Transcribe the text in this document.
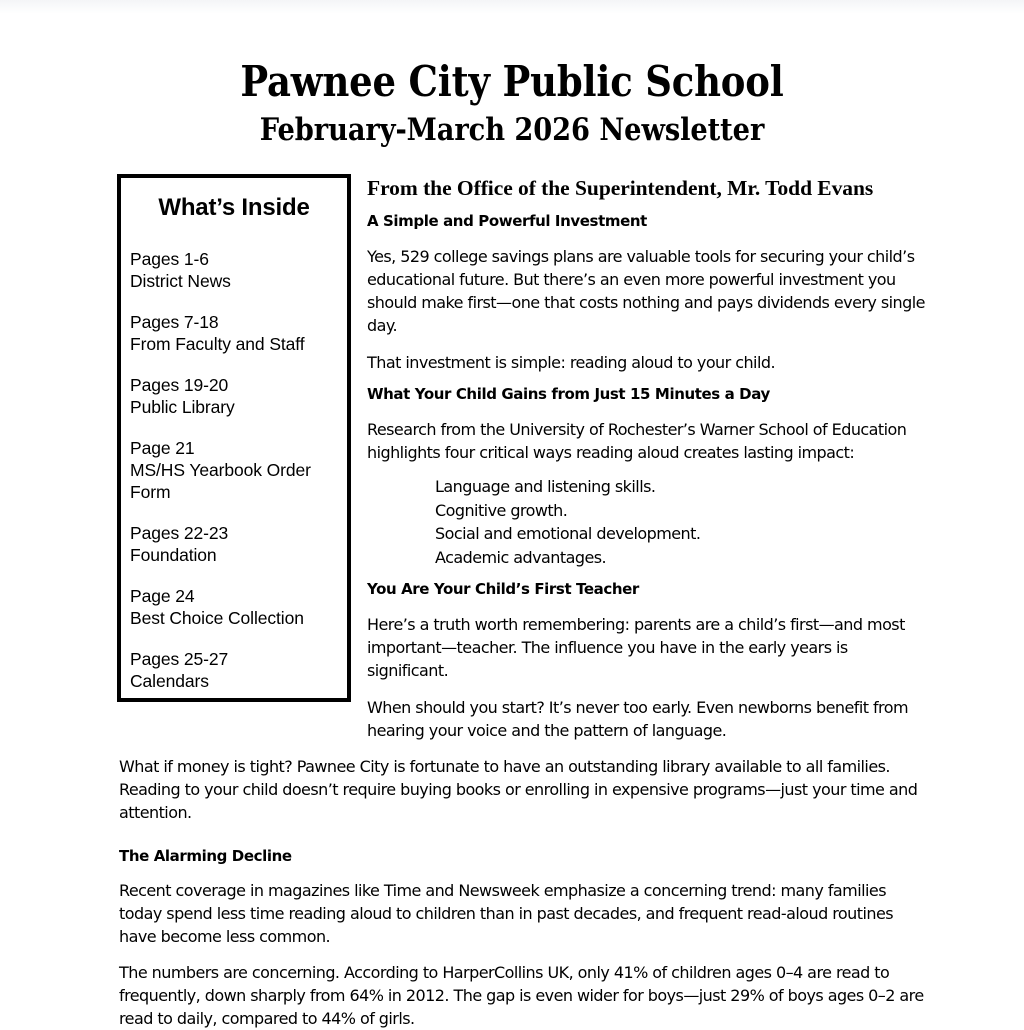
Pawnee City Public School
February-March 2026 Newsletter
What’s Inside
Pages 1-6
District News
Pages 7-18
From Faculty and Staff
Pages 19-20
Public Library
Page 21
MS/HS Yearbook Order Form
Pages 22-23
Foundation
Page 24
Best Choice Collection
Pages 25-27
Calendars
From the Office of the Superintendent, Mr. Todd Evans
A Simple and Powerful Investment

Yes, 529 college savings plans are valuable tools for securing your child’s educational future. But there’s an even more powerful investment you should make first—one that costs nothing and pays dividends every single day.

That investment is simple: reading aloud to your child.

What Your Child Gains from Just 15 Minutes a Day

Research from the University of Rochester’s Warner School of Education highlights four critical ways reading aloud creates lasting impact:

Language and listening skills.
Cognitive growth.
Social and emotional development.
Academic advantages.
You Are Your Child’s First Teacher

Here’s a truth worth remembering: parents are a child’s first—and most important—teacher. The influence you have in the early years is significant.

When should you start? It’s never too early. Even newborns benefit from hearing your voice and the pattern of language.

What if money is tight? Pawnee City is fortunate to have an outstanding library available to all families. Reading to your child doesn’t require buying books or enrolling in expensive programs—just your time and attention.

The Alarming Decline

Recent coverage in magazines like Time and Newsweek emphasize a concerning trend: many families today spend less time reading aloud to children than in past decades, and frequent read-aloud routines have become less common.

The numbers are concerning. According to HarperCollins UK, only 41% of children ages 0–4 are read to frequently, down sharply from 64% in 2012. The gap is even wider for boys—just 29% of boys ages 0–2 are read to daily, compared to 44% of girls.
